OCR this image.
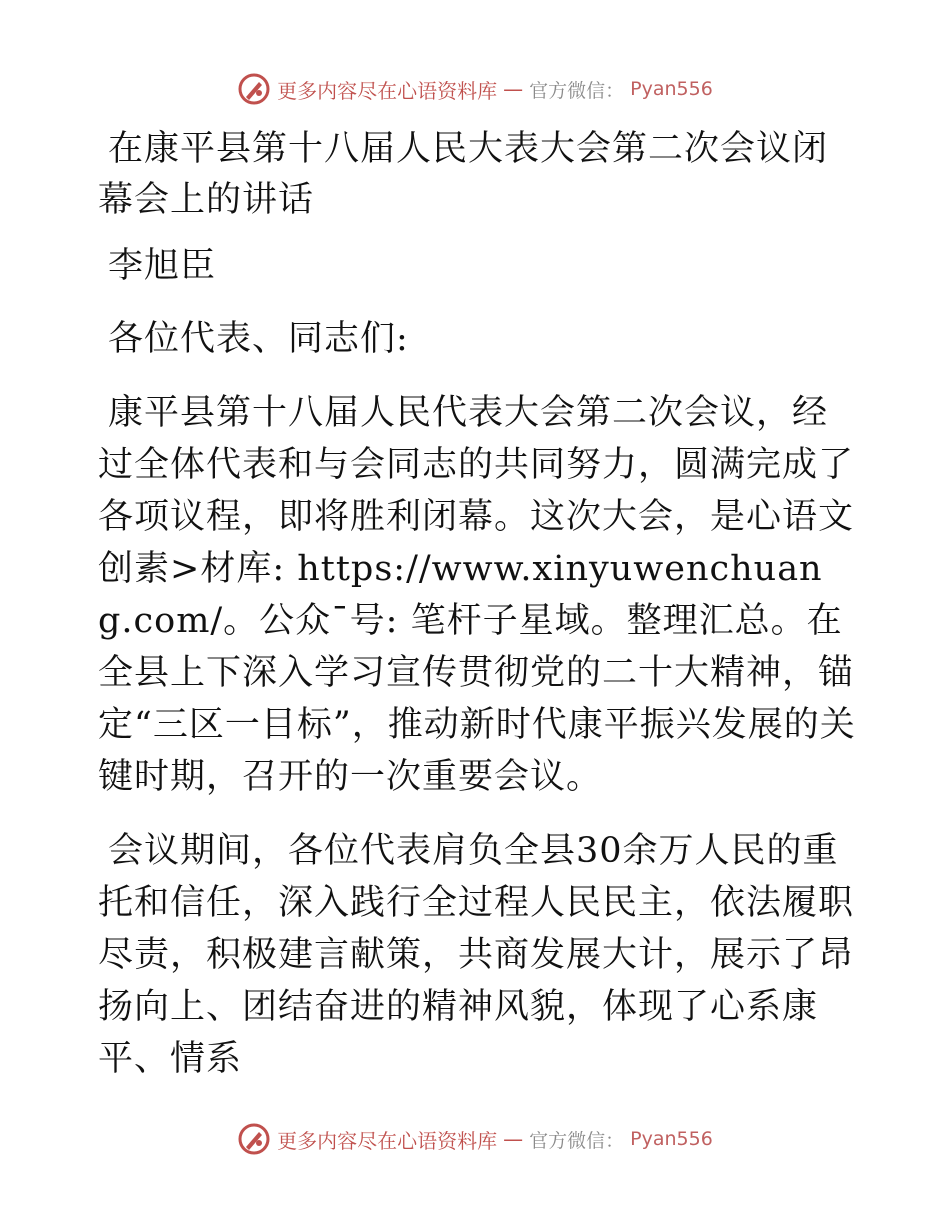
更多内容尽在心语资料库 — 官方微信： Pyan556

在康平县第十八届人民大表大会第二次会议闭幕会上的讲话

李旭臣

各位代表、同志们:

康平县第十八届人民代表大会第二次会议，经过全体代表和与会同志的共同努力，圆满完成了各项议程，即将胜利闭幕。这次大会，是心语文创素>材库: https://www.xinyuwenchuang.com/。公众¯号: 笔杆子星域。整理汇总。在全县上下深入学习宣传贯彻党的二十大精神，锚定“三区一目标”，推动新时代康平振兴发展的关键时期，召开的一次重要会议。

会议期间，各位代表肩负全县30余万人民的重托和信任，深入践行全过程人民民主，依法履职尽责，积极建言献策，共商发展大计，展示了昂扬向上、团结奋进的精神风貌，体现了心系康平、情系

更多内容尽在心语资料库 — 官方微信： Pyan556
